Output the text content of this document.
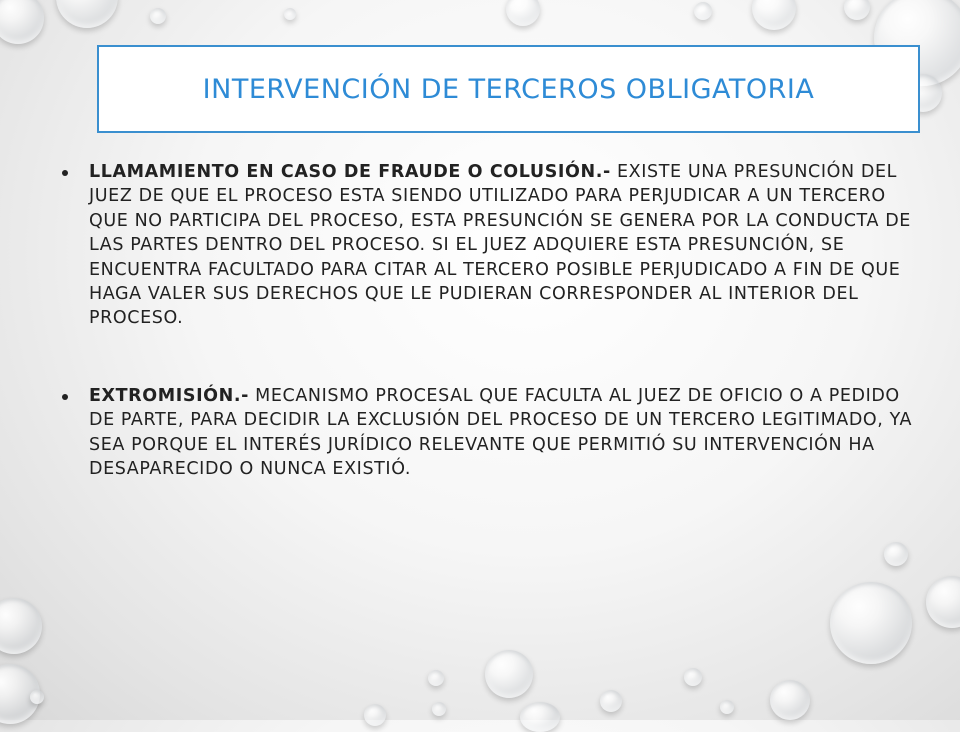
INTERVENCIÓN DE TERCEROS OBLIGATORIA
LLAMAMIENTO EN CASO DE FRAUDE O COLUSIÓN.- EXISTE UNA PRESUNCIÓN DEL JUEZ DE QUE EL PROCESO ESTA SIENDO UTILIZADO PARA PERJUDICAR A UN TERCERO QUE NO PARTICIPA DEL PROCESO, ESTA PRESUNCIÓN SE GENERA POR LA CONDUCTA DE LAS PARTES DENTRO DEL PROCESO. SI EL JUEZ ADQUIERE ESTA PRESUNCIÓN, SE ENCUENTRA FACULTADO PARA CITAR AL TERCERO POSIBLE PERJUDICADO A FIN DE QUE HAGA VALER SUS DERECHOS QUE LE PUDIERAN CORRESPONDER AL INTERIOR DEL PROCESO.
EXTROMISIÓN.- MECANISMO PROCESAL QUE FACULTA AL JUEZ DE OFICIO O A PEDIDO DE PARTE, PARA DECIDIR LA EXCLUSIÓN DEL PROCESO DE UN TERCERO LEGITIMADO, YA SEA PORQUE EL INTERÉS JURÍDICO RELEVANTE QUE PERMITIÓ SU INTERVENCIÓN HA DESAPARECIDO O NUNCA EXISTIÓ.
